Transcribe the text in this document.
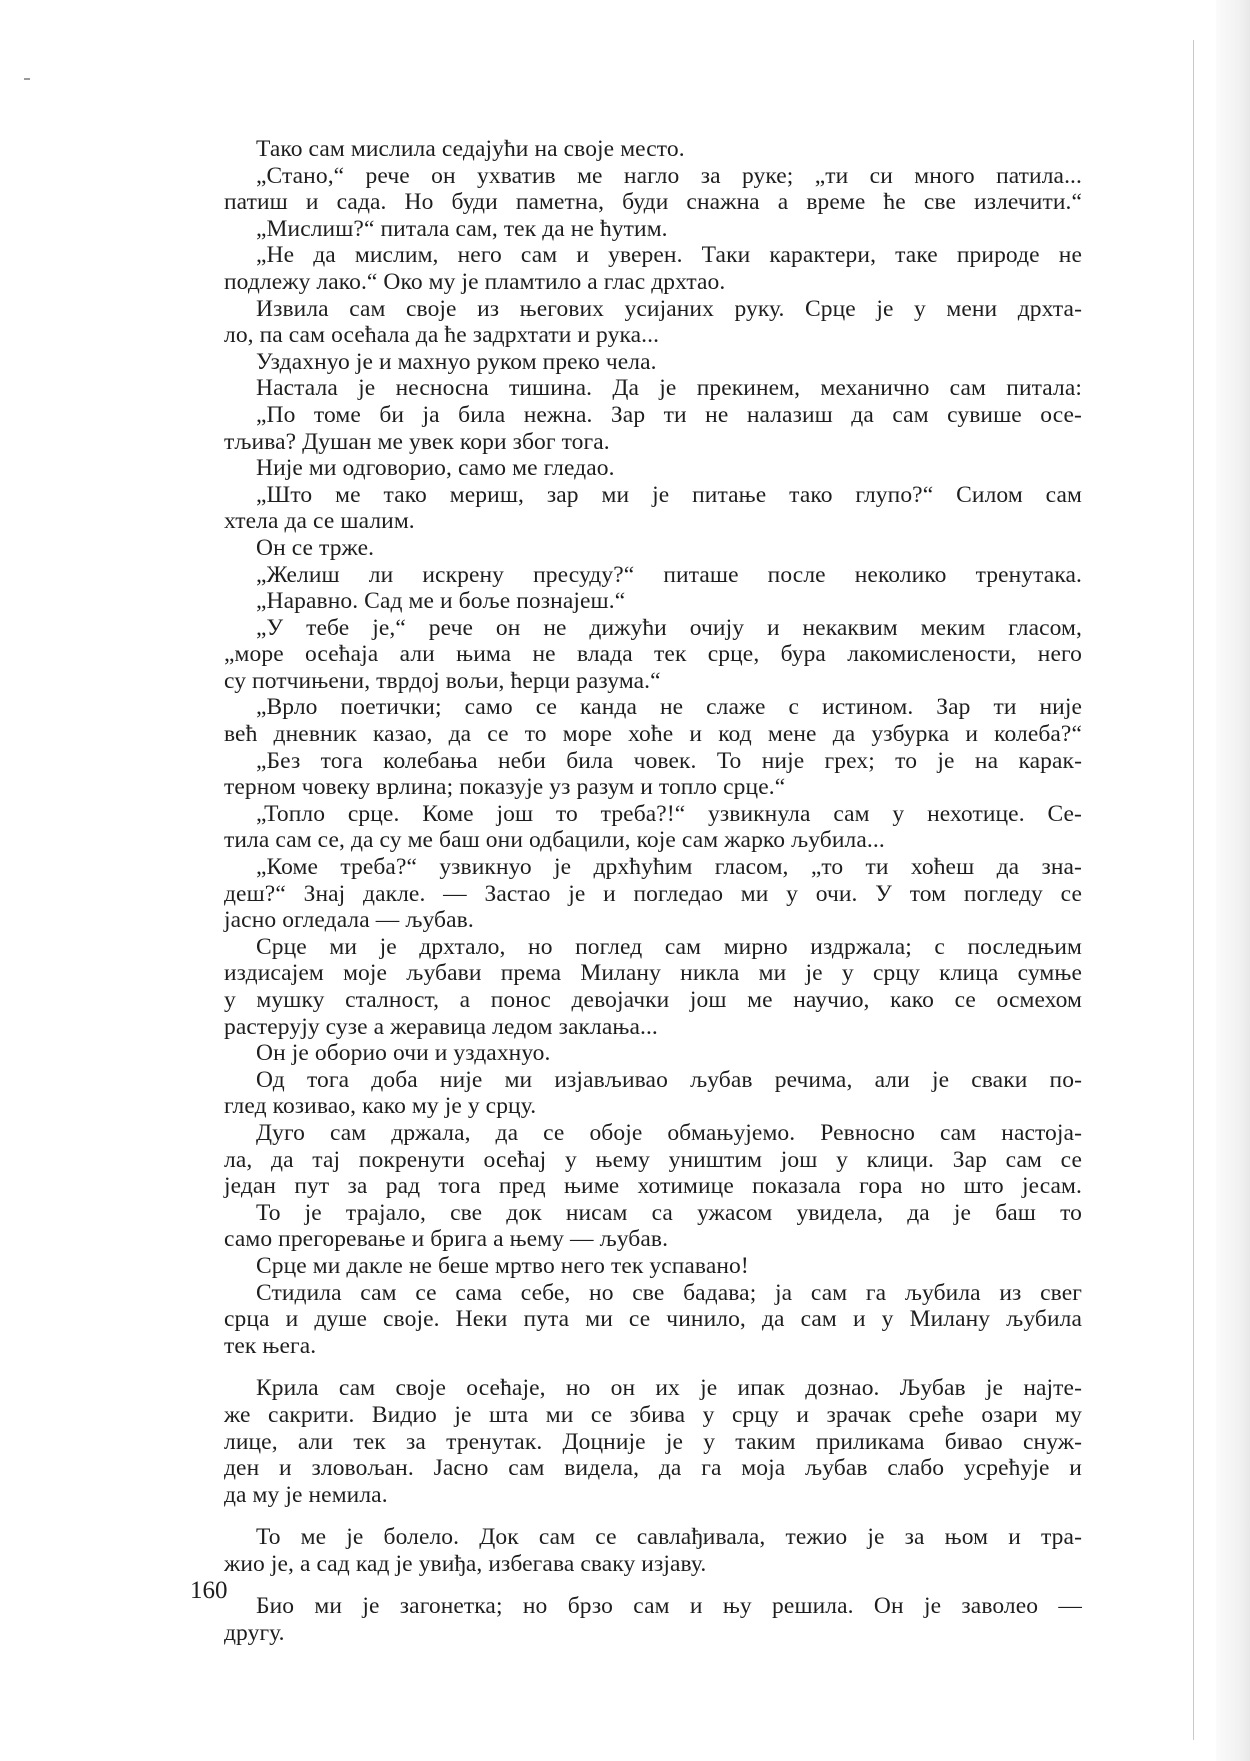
Тако сам мислила седајући на своје место.
„Стано,“ рече он ухватив ме нагло за руке; „ти си много патила...
патиш и сада. Но буди паметна, буди снажна а време ће све излечити.“
„Мислиш?“ питала сам, тек да не ћутим.
„Не да мислим, него сам и уверен. Таки карактери, таке природе не
подлежу лако.“ Око му је пламтило а глас дрхтао.
Извила сам своје из његових усијаних руку. Срце је у мени дрхта-
ло, па сам осећала да ће задрхтати и рука...
Уздахнуо је и махнуо руком преко чела.
Настала је несносна тишина. Да је прекинем, механично сам питала:
„По томе би ја била нежна. Зар ти не налазиш да сам сувише осе-
тљива? Душан ме увек кори због тога.
Није ми одговорио, само ме гледао.
„Што ме тако мериш, зар ми је питање тако глупо?“ Силом сам
хтела да се шалим.
Он се трже.
„Желиш ли искрену пресуду?“ питаше после неколико тренутака.
„Наравно. Сад ме и боље познајеш.“
„У тебе је,“ рече он не дижући очију и некаквим меким гласом,
„море осећаја али њима не влада тек срце, бура лакомислености, него
су потчињени, тврдој вољи, ћерци разума.“
„Врло поетички; само се канда не слаже с истином. Зар ти није
већ дневник казао, да се то море хоће и код мене да узбурка и колеба?“
„Без тога колебања неби била човек. То није грех; то је на карак-
терном човеку врлина; показује уз разум и топло срце.“
„Топло срце. Коме још то треба?!“ узвикнула сам у нехотице. Се-
тила сам се, да су ме баш они одбацили, које сам жарко љубила...
„Коме треба?“ узвикнуо је дрхћућим гласом, „то ти хоћеш да зна-
деш?“ Знај дакле. — Застао је и погледао ми у очи. У том погледу се
јасно огледала — љубав.
Срце ми је дрхтало, но поглед сам мирно издржала; с последњим
издисајем моје љубави према Милану никла ми је у срцу клица сумње
у мушку сталност, а понос девојачки још ме научио, како се осмехом
растерују сузе а жеравица ледом заклања...
Он је оборио очи и уздахнуо.
Од тога доба није ми изјављивао љубав речима, али је сваки по-
глед козивао, како му је у срцу.
Дуго сам држала, да се обоје обмањујемо. Ревносно сам настоја-
ла, да тај покренути осећај у њему уништим још у клици. Зар сам се
један пут за рад тога пред њиме хотимице показала гора но што јесам.
То је трајало, све док нисам са ужасом увидела, да је баш то
само прегоревање и брига а њему — љубав.
Срце ми дакле не беше мртво него тек успавано!
Стидила сам се сама себе, но све бадава; ја сам га љубила из свег
срца и душе своје. Неки пута ми се чинило, да сам и у Милану љубила
тек њега.
Крила сам своје осећаје, но он их је ипак дознао. Љубав је најте-
же сакрити. Видио је шта ми се збива у срцу и зрачак среће озари му
лице, али тек за тренутак. Доцније је у таким приликама бивао снуж-
ден и зловољан. Јасно сам видела, да га моја љубав слабо усрећује и
да му је немила.
То ме је болело. Док сам се савлађивала, тежио је за њом и тра-
жио је, а сад кад је увиђа, избегава сваку изјаву.
Био ми је загонетка; но брзо сам и њу решила. Он је заволео —
другу.
160
